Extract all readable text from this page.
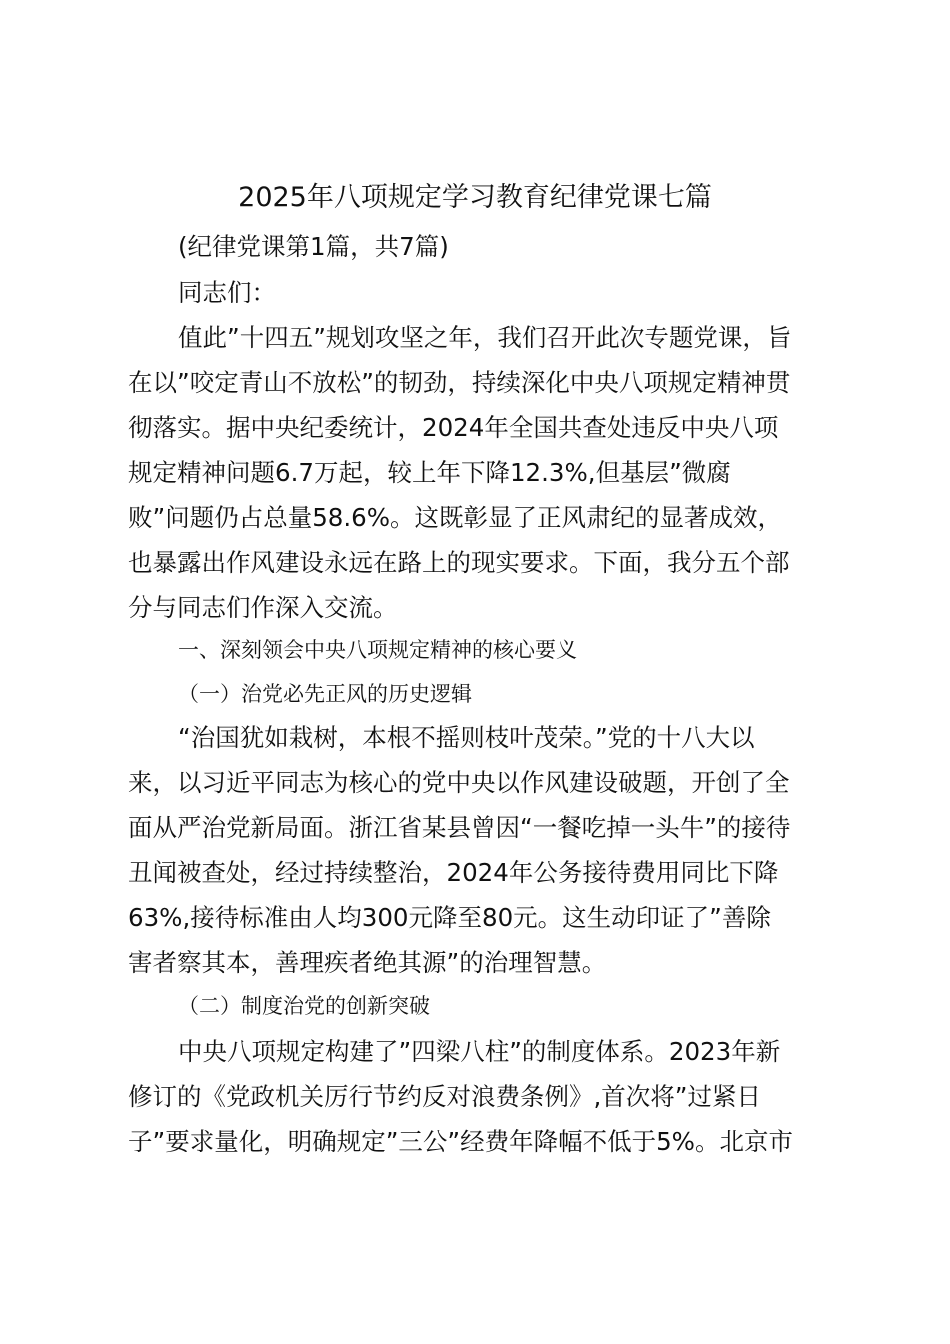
2025年八项规定学习教育纪律党课七篇
(纪律党课第1篇，共7篇)
同志们：
值此”十四五”规划攻坚之年，我们召开此次专题党课，旨
在以”咬定青山不放松”的韧劲，持续深化中央八项规定精神贯
彻落实。据中央纪委统计，2024年全国共查处违反中央八项
规定精神问题6.7万起，较上年下降12.3%,但基层”微腐
败”问题仍占总量58.6%。这既彰显了正风肃纪的显著成效，
也暴露出作风建设永远在路上的现实要求。下面，我分五个部
分与同志们作深入交流。
一、深刻领会中央八项规定精神的核心要义
（一）治党必先正风的历史逻辑
“治国犹如栽树，本根不摇则枝叶茂荣。”党的十八大以
来，以习近平同志为核心的党中央以作风建设破题，开创了全
面从严治党新局面。浙江省某县曾因“一餐吃掉一头牛”的接待
丑闻被查处，经过持续整治，2024年公务接待费用同比下降
63%,接待标准由人均300元降至80元。这生动印证了”善除
害者察其本，善理疾者绝其源”的治理智慧。
（二）制度治党的创新突破
中央八项规定构建了”四梁八柱”的制度体系。2023年新
修订的《党政机关厉行节约反对浪费条例》,首次将”过紧日
子”要求量化，明确规定”三公”经费年降幅不低于5%。北京市
